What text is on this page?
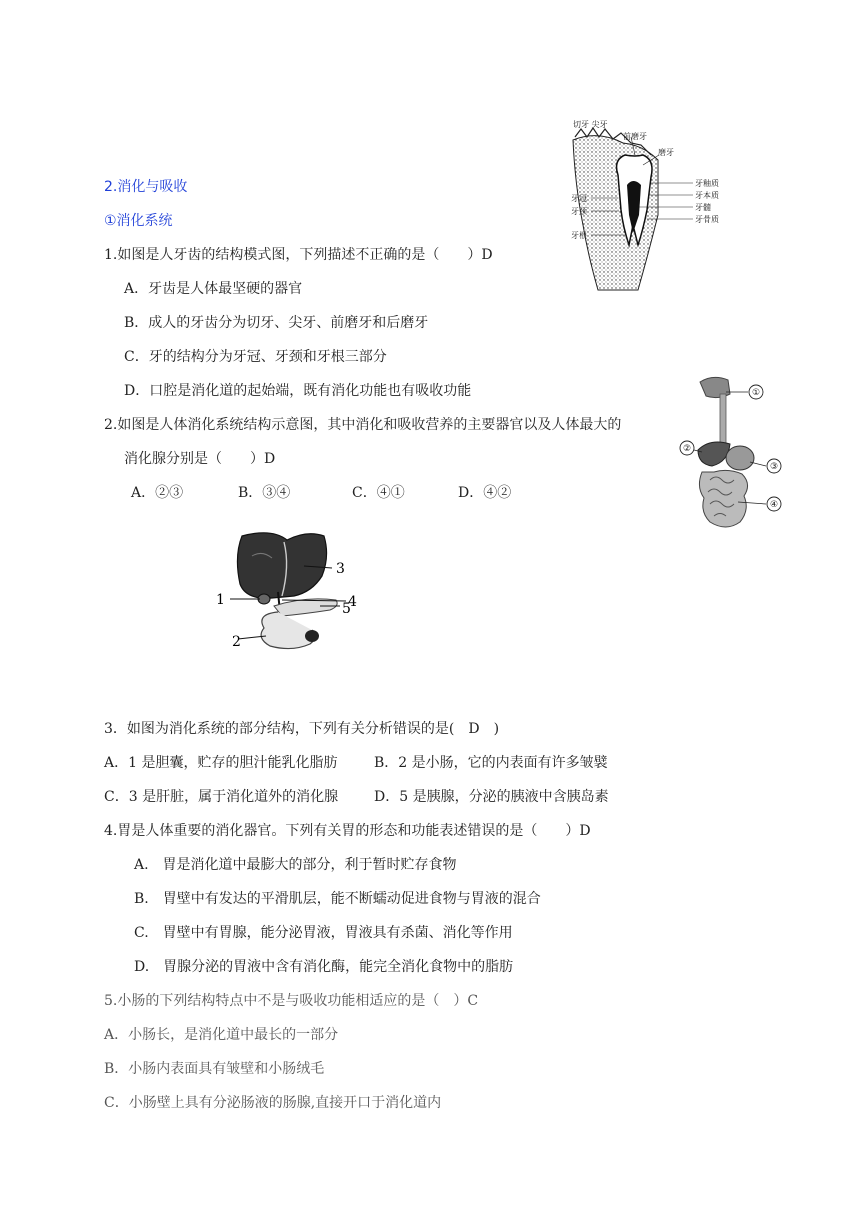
2.消化与吸收
①消化系统
1.如图是人牙齿的结构模式图，下列描述不正确的是（　　）D
A．牙齿是人体最坚硬的器官
B．成人的牙齿分为切牙、尖牙、前磨牙和后磨牙
C．牙的结构分为牙冠、牙颈和牙根三部分
D．口腔是消化道的起始端，既有消化功能也有吸收功能
切牙 尖牙
前磨牙
磨牙
牙釉质
牙本质
牙髓
牙骨质
牙冠
牙颈
牙根
2.如图是人体消化系统结构示意图，其中消化和吸收营养的主要器官以及人体最大的
消化腺分别是（　　）D
A．②③	B．③④	C．④①	D．④②
①
②
③
④
1
2
3
4
5
3．如图为消化系统的部分结构，下列有关分析错误的是(　D　)
A．1 是胆囊，贮存的胆汁能乳化脂肪	B．2 是小肠，它的内表面有许多皱襞
C．3 是肝脏，属于消化道外的消化腺	D．5 是胰腺，分泌的胰液中含胰岛素
4.胃是人体重要的消化器官。下列有关胃的形态和功能表述错误的是（　　）D
A.　胃是消化道中最膨大的部分，利于暂时贮存食物
B.　胃壁中有发达的平滑肌层，能不断蠕动促进食物与胃液的混合
C.　胃壁中有胃腺，能分泌胃液，胃液具有杀菌、消化等作用
D.　胃腺分泌的胃液中含有消化酶，能完全消化食物中的脂肪
5.小肠的下列结构特点中不是与吸收功能相适应的是（　）C
A．小肠长，是消化道中最长的一部分
B．小肠内表面具有皱壁和小肠绒毛
C．小肠壁上具有分泌肠液的肠腺,直接开口于消化道内
